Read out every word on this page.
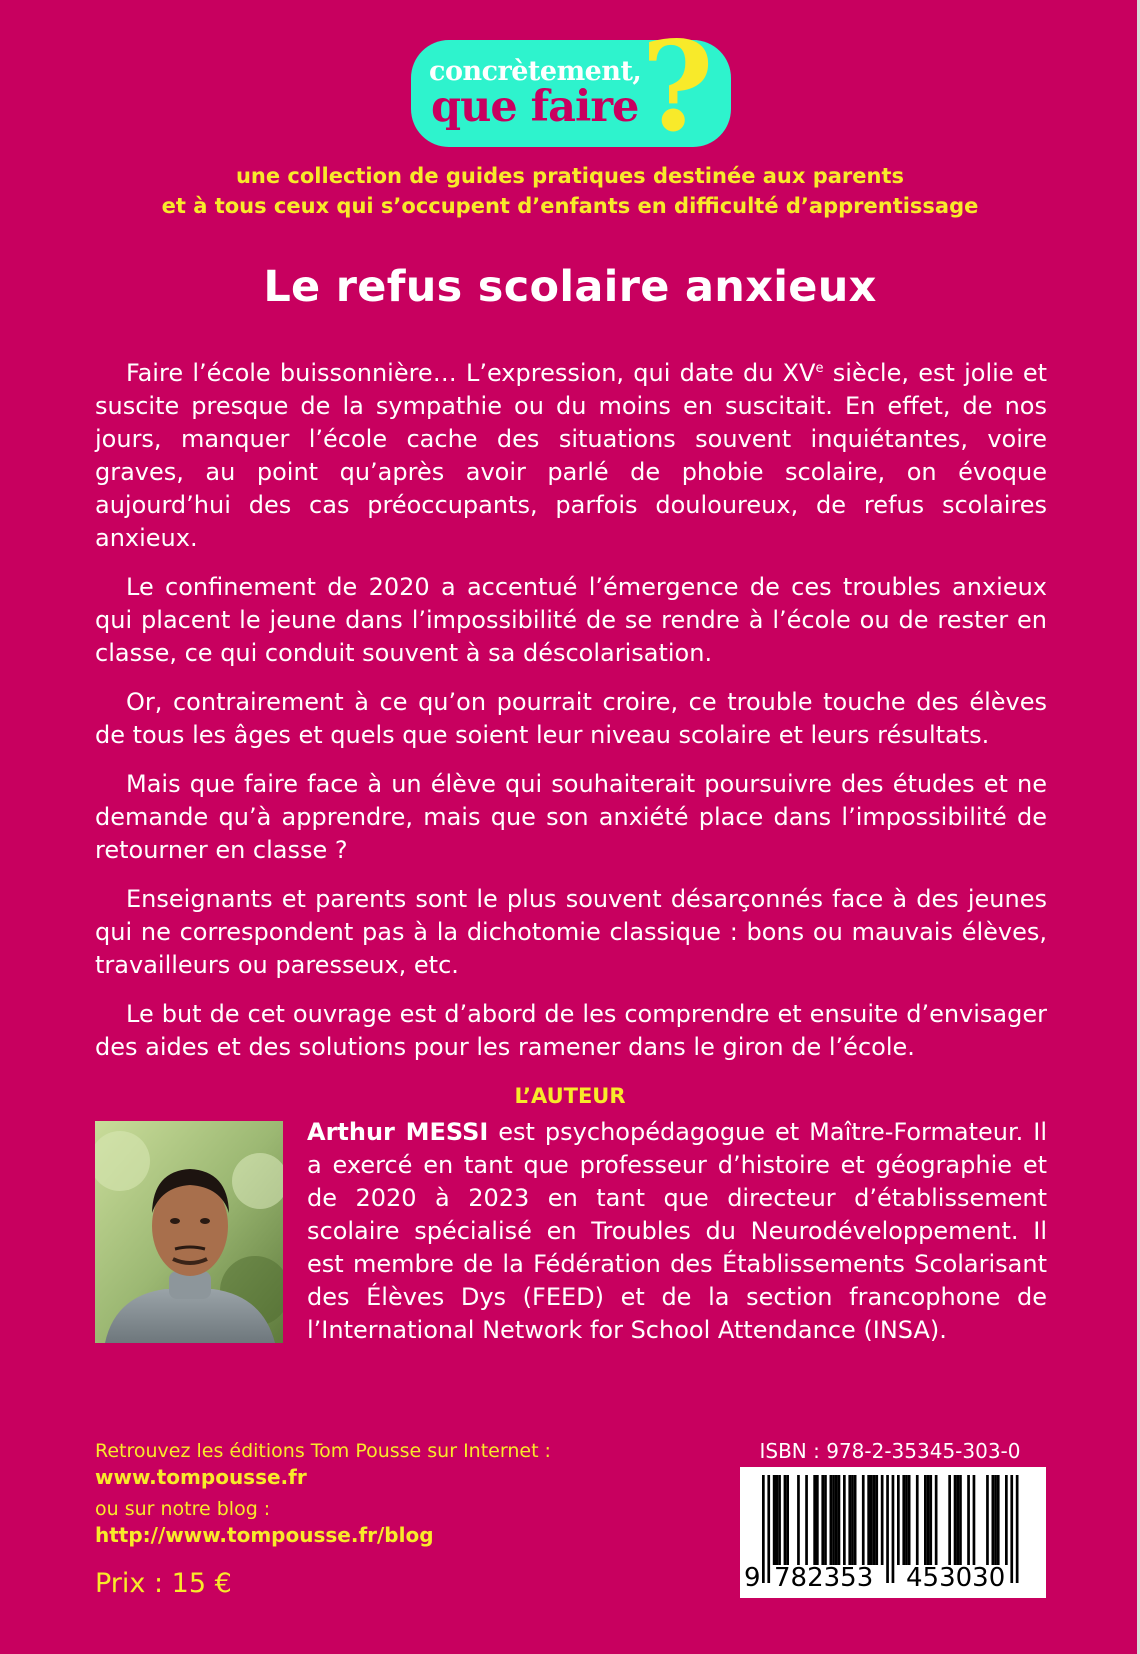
concrètement,
que faire ?
une collection de guides pratiques destinée aux parents
et à tous ceux qui s’occupent d’enfants en difficulté d’apprentissage
Le refus scolaire anxieux

Faire l’école buissonnière… L’expression, qui date du XVe siècle, est jolie et suscite presque de la sympathie ou du moins en suscitait. En effet, de nos jours, manquer l’école cache des situations souvent inquiétantes, voire graves, au point qu’après avoir parlé de phobie scolaire, on évoque aujourd’hui des cas préoccupants, parfois douloureux, de refus scolaires anxieux.

Le confinement de 2020 a accentué l’émergence de ces troubles anxieux qui placent le jeune dans l’impossibilité de se rendre à l’école ou de rester en classe, ce qui conduit souvent à sa déscolarisation.

Or, contrairement à ce qu’on pourrait croire, ce trouble touche des élèves de tous les âges et quels que soient leur niveau scolaire et leurs résultats.

Mais que faire face à un élève qui souhaiterait poursuivre des études et ne demande qu’à apprendre, mais que son anxiété place dans l’impossibilité de retourner en classe ?

Enseignants et parents sont le plus souvent désarçonnés face à des jeunes qui ne correspondent pas à la dichotomie classique : bons ou mauvais élèves, travailleurs ou paresseux, etc.

Le but de cet ouvrage est d’abord de les comprendre et ensuite d’envisager des aides et des solutions pour les ramener dans le giron de l’école.

L’AUTEUR
Arthur MESSI est psychopédagogue et Maître-Formateur. Il a exercé en tant que professeur d’histoire et géographie et de 2020 à 2023 en tant que directeur d’établissement scolaire spécialisé en Troubles du Neurodéveloppement. Il est membre de la Fédération des Établissements Scolarisant des Élèves Dys (FEED) et de la section francophone de l’International Network for School Attendance (INSA).
Retrouvez les éditions Tom Pousse sur Internet :
www.tompousse.fr
ou sur notre blog :
http://www.tompousse.fr/blog
Prix : 15 €
ISBN : 978-2-35345-303-0
9 782353 453030
